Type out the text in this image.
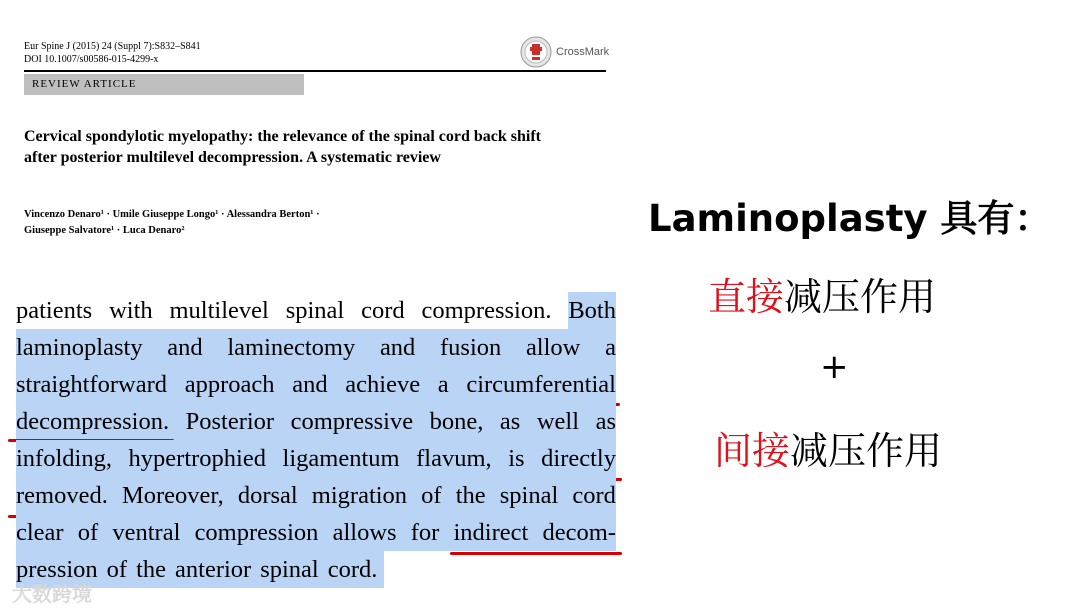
Eur Spine J (2015) 24 (Suppl 7):S832–S841
DOI 10.1007/s00586-015-4299-x
CrossMark
REVIEW ARTICLE
Cervical spondylotic myelopathy: the relevance of the spinal cord back shift after posterior multilevel decompression. A systematic review
Vincenzo Denaro¹ · Umile Giuseppe Longo¹ · Alessandra Berton¹ ·
Giuseppe Salvatore¹ · Luca Denaro²
patients with multilevel spinal cord compression. Both
laminoplasty and laminectomy and fusion allow a
straightforward approach and achieve a circumferential
decompression. Posterior compressive bone, as well as
infolding, hypertrophied ligamentum flavum, is directly
removed. Moreover, dorsal migration of the spinal cord
clear of ventral compression allows for indirect decom-
pression of the anterior spinal cord.
Laminoplasty 具有：
直接减压作用
+
间接减压作用
大数跨境
